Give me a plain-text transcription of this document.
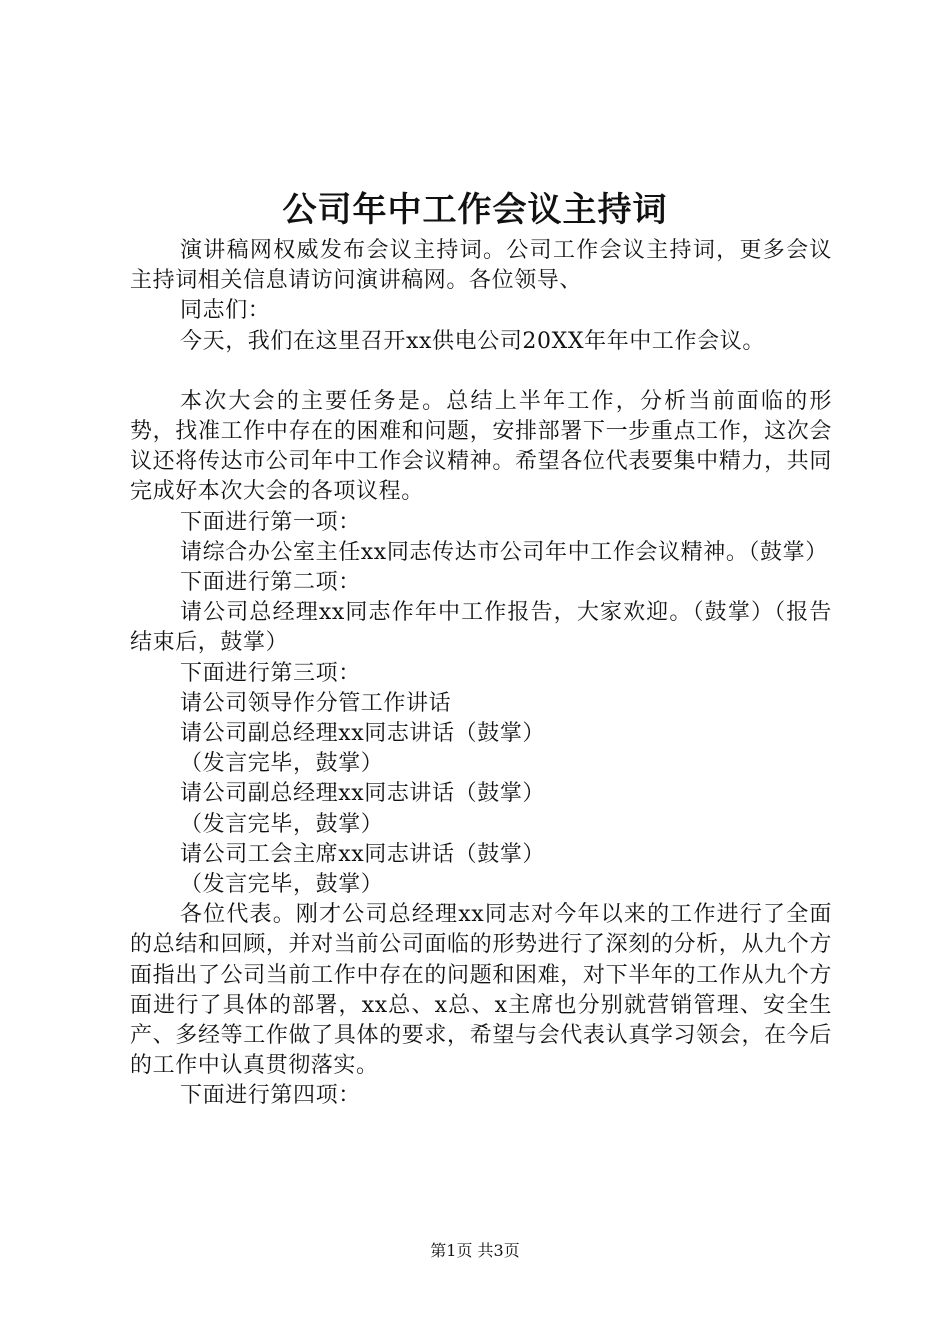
公司年中工作会议主持词

演讲稿网权威发布会议主持词。公司工作会议主持词，更多会议主持词相关信息请访问演讲稿网。各位领导、

同志们：

今天，我们在这里召开xx供电公司20XX年年中工作会议。

本次大会的主要任务是。总结上半年工作，分析当前面临的形势，找准工作中存在的困难和问题，安排部署下一步重点工作，这次会议还将传达市公司年中工作会议精神。希望各位代表要集中精力，共同完成好本次大会的各项议程。

下面进行第一项：

请综合办公室主任xx同志传达市公司年中工作会议精神。（鼓掌）

下面进行第二项：

请公司总经理xx同志作年中工作报告，大家欢迎。（鼓掌）（报告结束后，鼓掌）

下面进行第三项：

请公司领导作分管工作讲话

请公司副总经理xx同志讲话（鼓掌）

（发言完毕，鼓掌）

请公司副总经理xx同志讲话（鼓掌）

（发言完毕，鼓掌）

请公司工会主席xx同志讲话（鼓掌）

（发言完毕，鼓掌）

各位代表。刚才公司总经理xx同志对今年以来的工作进行了全面的总结和回顾，并对当前公司面临的形势进行了深刻的分析，从九个方面指出了公司当前工作中存在的问题和困难，对下半年的工作从九个方面进行了具体的部署，xx总、x总、x主席也分别就营销管理、安全生产、多经等工作做了具体的要求，希望与会代表认真学习领会，在今后的工作中认真贯彻落实。

下面进行第四项：

第1页 共3页
